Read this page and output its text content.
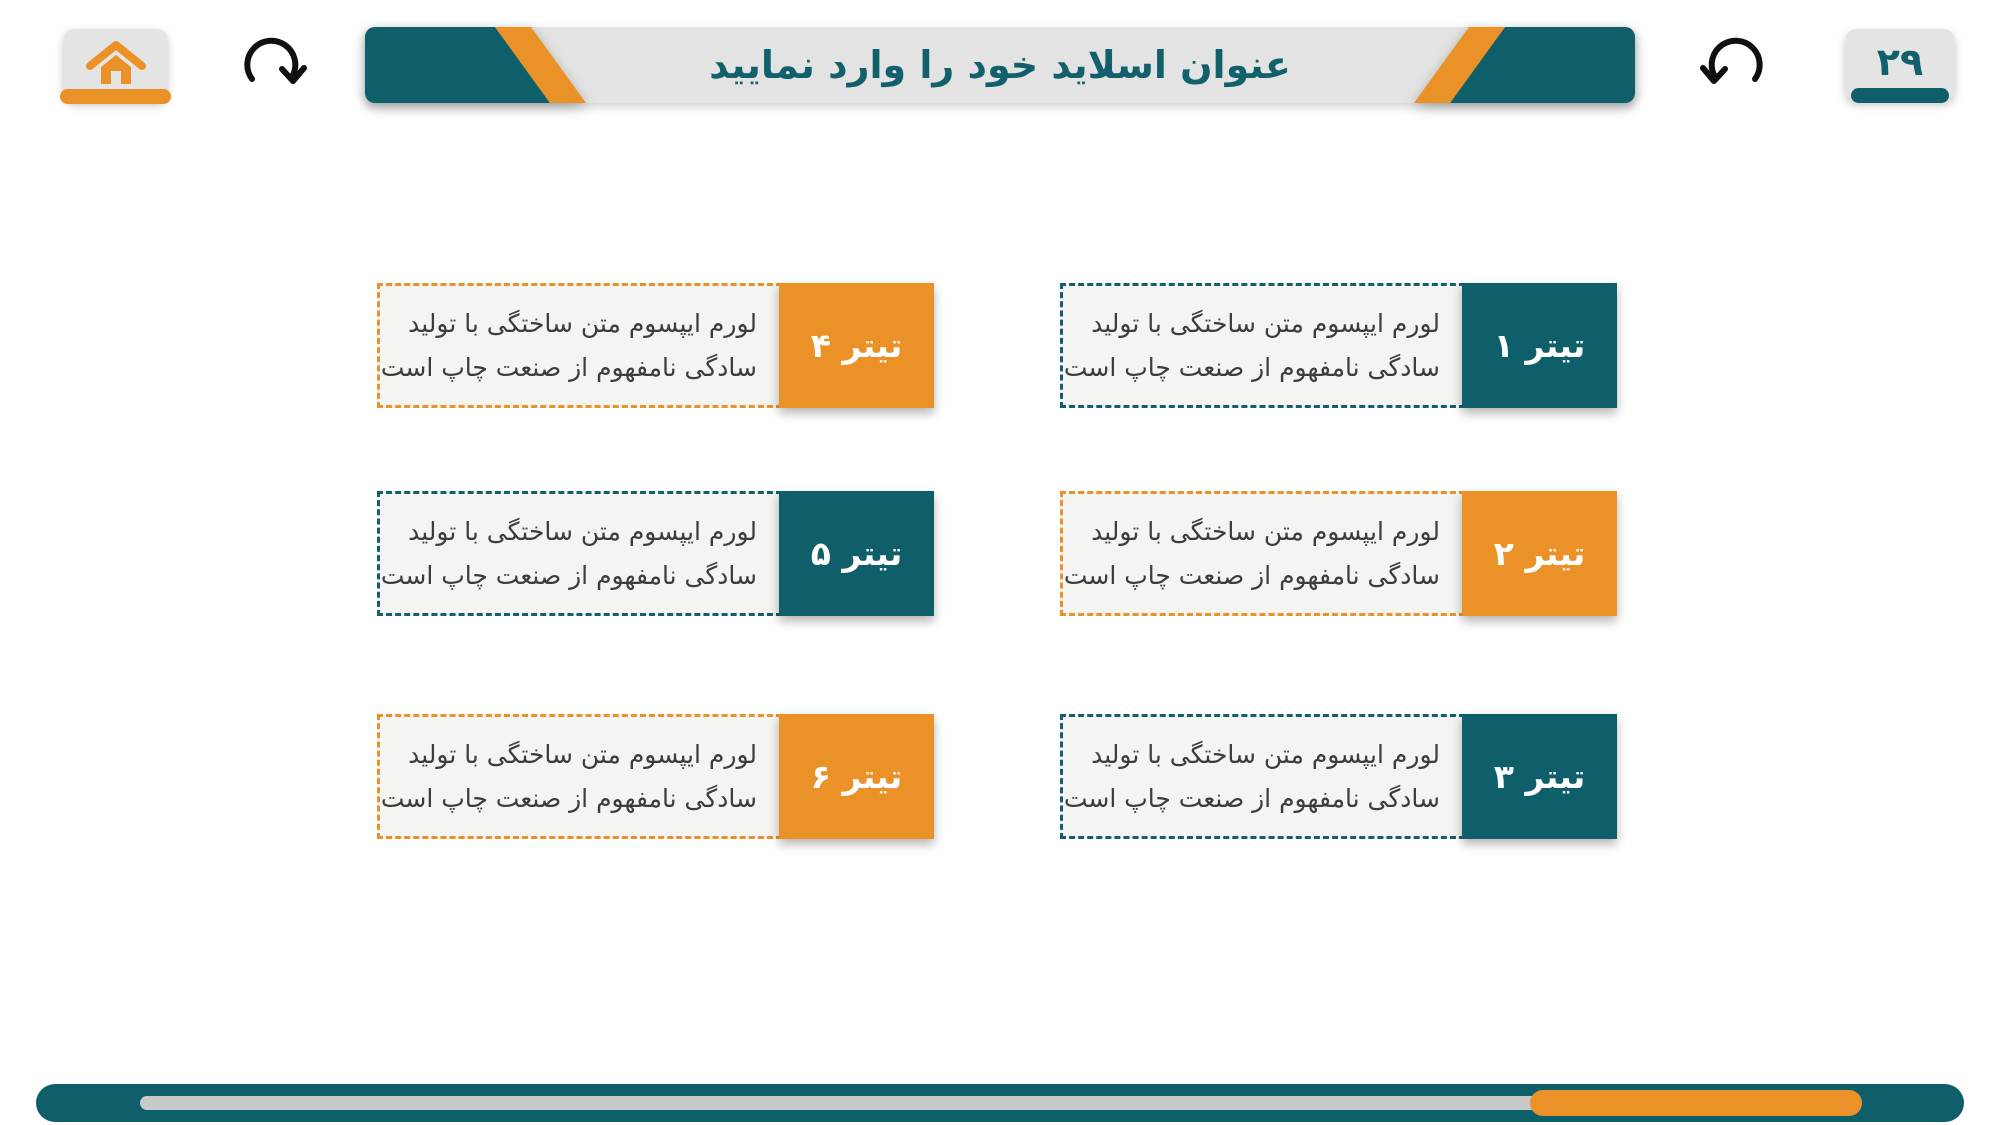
عنوان اسلاید خود را وارد نمایید	۲۹
لورم ایپسوم متن ساختگی با تولید
سادگی نامفهوم از صنعت چاپ است
تیتر ۱
لورم ایپسوم متن ساختگی با تولید
سادگی نامفهوم از صنعت چاپ است
تیتر ۲
لورم ایپسوم متن ساختگی با تولید
سادگی نامفهوم از صنعت چاپ است
تیتر ۳
لورم ایپسوم متن ساختگی با تولید
سادگی نامفهوم از صنعت چاپ است
تیتر ۴
لورم ایپسوم متن ساختگی با تولید
سادگی نامفهوم از صنعت چاپ است
تیتر ۵
لورم ایپسوم متن ساختگی با تولید
سادگی نامفهوم از صنعت چاپ است
تیتر ۶
